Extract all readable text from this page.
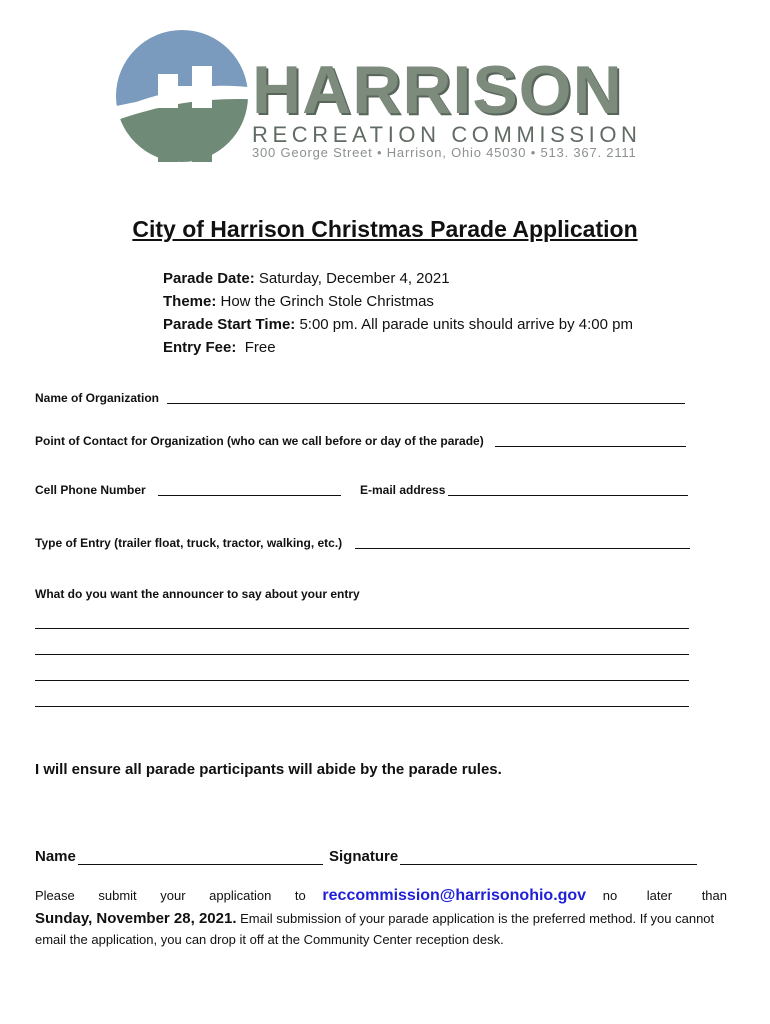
HARRISON
RECREATION COMMISSION
300 George Street • Harrison, Ohio 45030 • 513. 367. 2111
City of Harrison Christmas Parade Application
Parade Date: Saturday, December 4, 2021
Theme: How the Grinch Stole Christmas
Parade Start Time: 5:00 pm. All parade units should arrive by 4:00 pm
Entry Fee:  Free
Name of Organization
Point of Contact for Organization (who can we call before or day of the parade)
Cell Phone Number	E-mail address
Type of Entry (trailer float, truck, tractor, walking, etc.)
What do you want the announcer to say about your entry
I will ensure all parade participants will abide by the parade rules.
Name	Signature
Please submit your application to reccommission@harrisonohio.gov no later than
Sunday, November 28, 2021. Email submission of your parade application is the preferred method. If you cannot email the application, you can drop it off at the Community Center reception desk.
